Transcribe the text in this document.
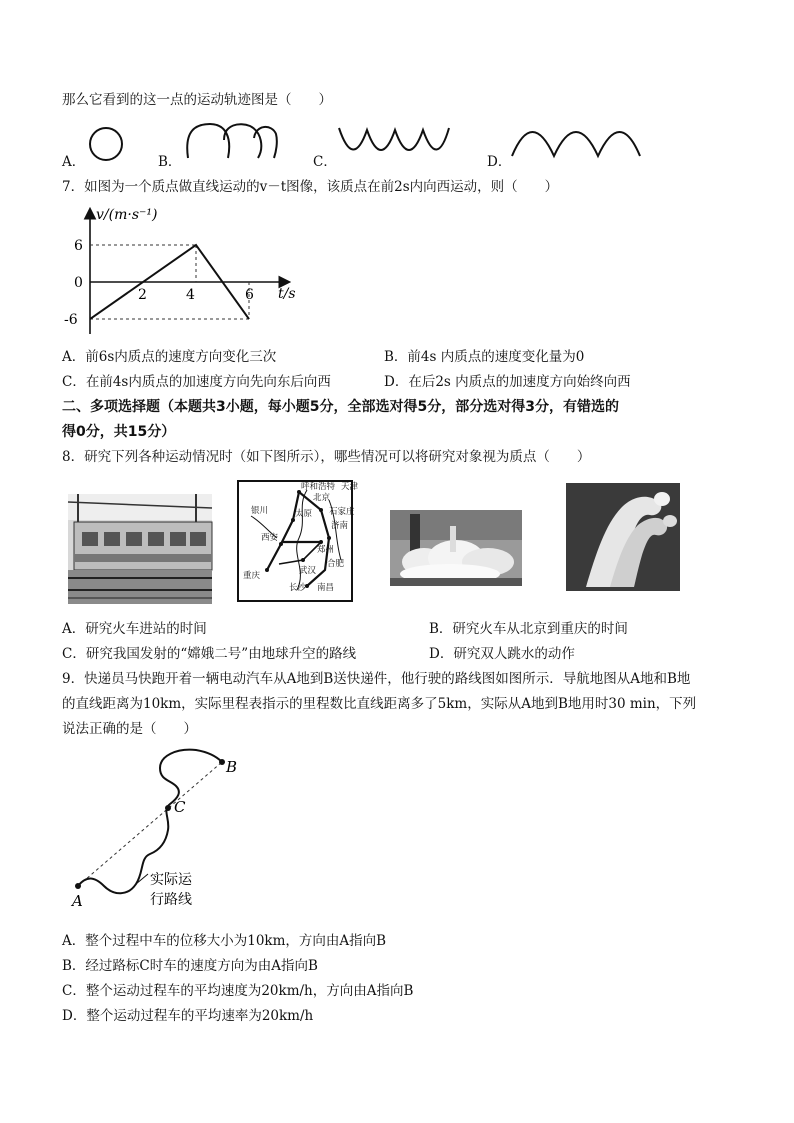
那么它看到的这一点的运动轨迹图是（　　）
A．	B．	C．	D．
7．如图为一个质点做直线运动的v－t图像，该质点在前2s内向西运动，则（　　）
v/(m·s⁻¹)
t/s
6
0
-6
2	4	6
A．前6s内质点的速度方向变化三次	B．前4s 内质点的速度变化量为0
C．在前4s内质点的加速度方向先向东后向西	D．在后2s 内质点的加速度方向始终向西
二、多项选择题（本题共3小题，每小题5分，全部选对得5分，部分选对得3分，有错选的
得0分，共15分）
8．研究下列各种运动情况时（如下图所示），哪些情况可以将研究对象视为质点（　　）
呼和浩特 天津
北京
银川	太原 石家庄
济南
西安
郑州
合肥
重庆	武汉
长沙 南昌
A．研究火车进站的时间	B．研究火车从北京到重庆的时间
C．研究我国发射的“嫦娥二号”由地球升空的路线	D．研究双人跳水的动作
9．快递员马快跑开着一辆电动汽车从A地到B送快递件，他行驶的路线图如图所示．导航地图从A地和B地
的直线距离为10km，实际里程表指示的里程数比直线距离多了5km，实际从A地到B地用时30 min，下列
说法正确的是（　　）
A
B
C
实际运
行路线
A．整个过程中车的位移大小为10km，方向由A指向B
B．经过路标C时车的速度方向为由A指向B
C．整个运动过程车的平均速度为20km/h，方向由A指向B
D．整个运动过程车的平均速率为20km/h
